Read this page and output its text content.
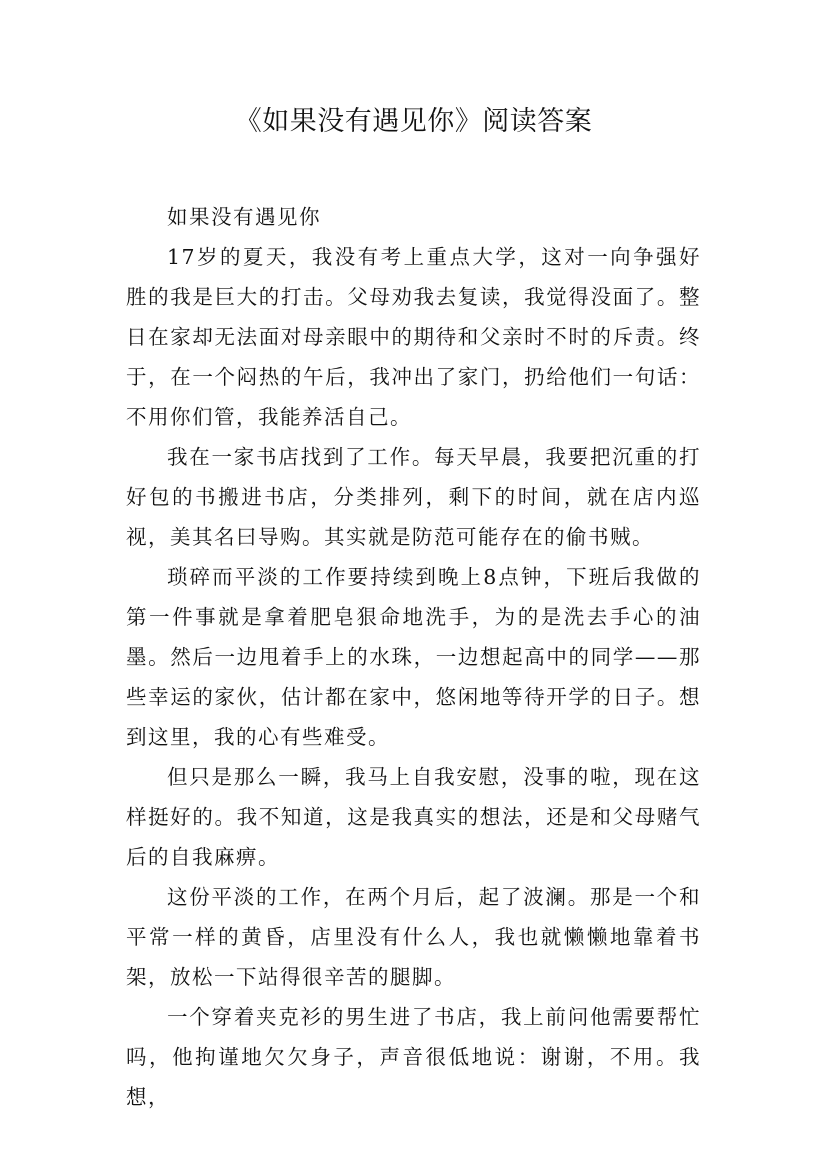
《如果没有遇见你》阅读答案

如果没有遇见你

17岁的夏天，我没有考上重点大学，这对一向争强好胜的我是巨大的打击。父母劝我去复读，我觉得没面了。整日在家却无法面对母亲眼中的期待和父亲时不时的斥责。终于，在一个闷热的午后，我冲出了家门，扔给他们一句话：不用你们管，我能养活自己。

我在一家书店找到了工作。每天早晨，我要把沉重的打好包的书搬进书店，分类排列，剩下的时间，就在店内巡视，美其名曰导购。其实就是防范可能存在的偷书贼。

琐碎而平淡的工作要持续到晚上8点钟，下班后我做的第一件事就是拿着肥皂狠命地洗手，为的是洗去手心的油墨。然后一边甩着手上的水珠，一边想起高中的同学——那些幸运的家伙，估计都在家中，悠闲地等待开学的日子。想到这里，我的心有些难受。

但只是那么一瞬，我马上自我安慰，没事的啦，现在这样挺好的。我不知道，这是我真实的想法，还是和父母赌气后的自我麻痹。

这份平淡的工作，在两个月后，起了波澜。那是一个和平常一样的黄昏，店里没有什么人，我也就懒懒地靠着书架，放松一下站得很辛苦的腿脚。

一个穿着夹克衫的男生进了书店，我上前问他需要帮忙吗，他拘谨地欠欠身子，声音很低地说：谢谢，不用。我想，
